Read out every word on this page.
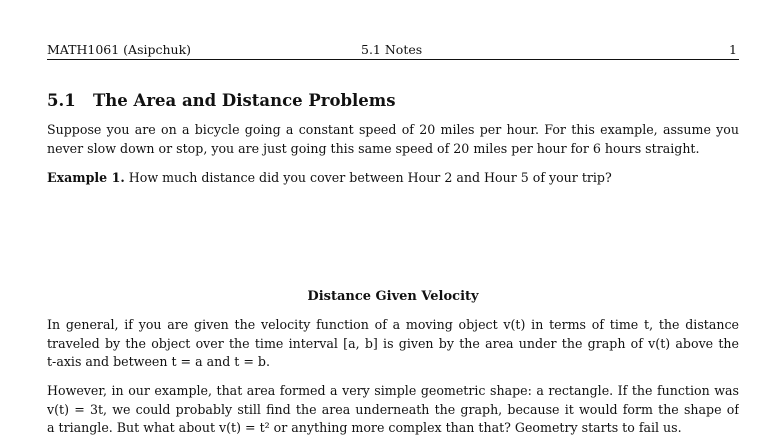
MATH1061 (Asipchuk)	5.1 Notes	1
5.1 The Area and Distance Problems
Suppose you are on a bicycle going a constant speed of 20 miles per hour. For this example, assume you
never slow down or stop, you are just going this same speed of 20 miles per hour for 6 hours straight.
Example 1. How much distance did you cover between Hour 2 and Hour 5 of your trip?
Distance Given Velocity
In general, if you are given the velocity function of a moving object v(t) in terms of time t, the distance
traveled by the object over the time interval [a, b] is given by the area under the graph of v(t) above the
t-axis and between t = a and t = b.
However, in our example, that area formed a very simple geometric shape: a rectangle. If the function was
v(t) = 3t, we could probably still find the area underneath the graph, because it would form the shape of
a triangle. But what about v(t) = t² or anything more complex than that? Geometry starts to fail us.
